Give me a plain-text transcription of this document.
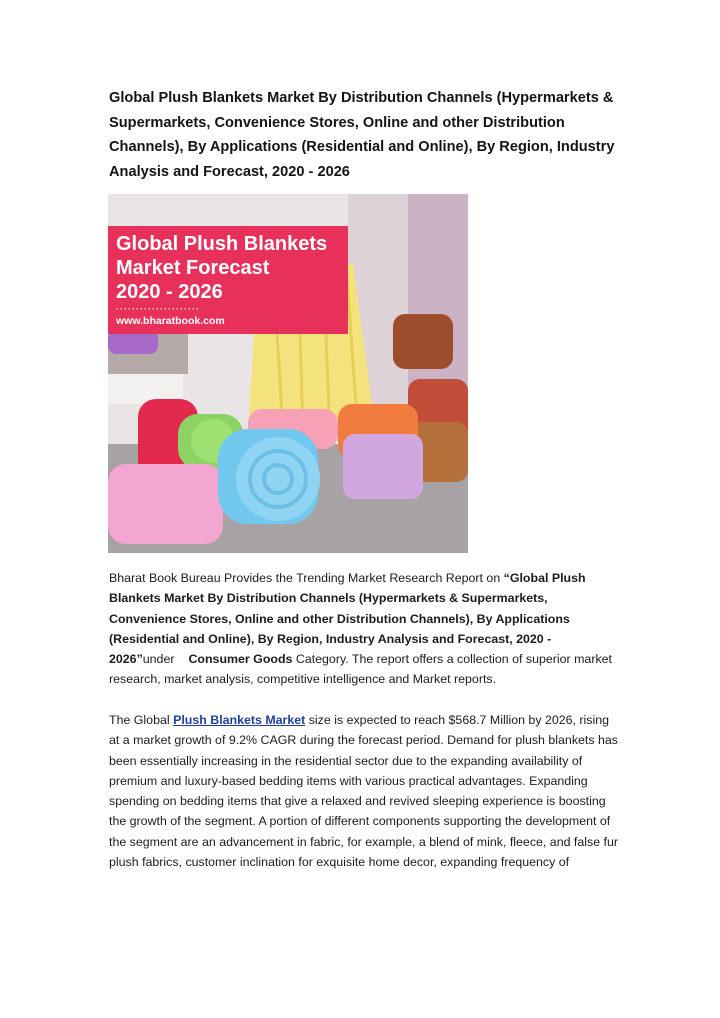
Global Plush Blankets Market By Distribution Channels (Hypermarkets & Supermarkets, Convenience Stores, Online and other Distribution Channels), By Applications (Residential and Online), By Region, Industry Analysis and Forecast, 2020 - 2026
Global Plush Blankets
Market Forecast
2020 - 2026
·····················
www.bharatbook.com
Bharat Book Bureau Provides the Trending Market Research Report on “Global Plush Blankets Market By Distribution Channels (Hypermarkets & Supermarkets, Convenience Stores, Online and other Distribution Channels), By Applications (Residential and Online), By Region, Industry Analysis and Forecast, 2020 - 2026”under Consumer Goods Category. The report offers a collection of superior market research, market analysis, competitive intelligence and Market reports.
The Global Plush Blankets Market size is expected to reach $568.7 Million by 2026, rising at a market growth of 9.2% CAGR during the forecast period. Demand for plush blankets has been essentially increasing in the residential sector due to the expanding availability of premium and luxury-based bedding items with various practical advantages. Expanding spending on bedding items that give a relaxed and revived sleeping experience is boosting the growth of the segment. A portion of different components supporting the development of the segment are an advancement in fabric, for example, a blend of mink, fleece, and false fur plush fabrics, customer inclination for exquisite home decor, expanding frequency of
